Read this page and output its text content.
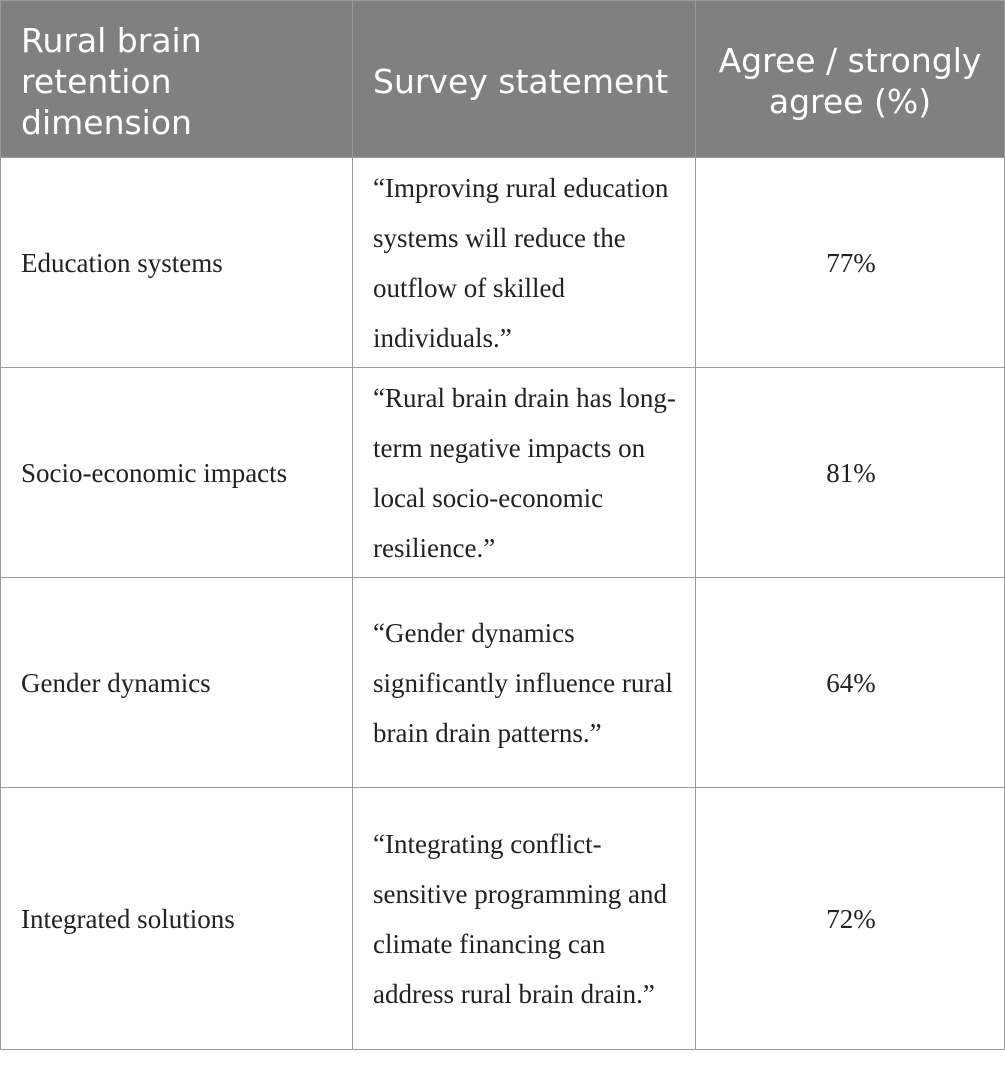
Rural brain retention dimension	Survey statement	Agree / strongly agree (%)
Education systems	“Improving rural education systems will reduce the outflow of skilled individuals.”	77%
Socio-economic impacts	“Rural brain drain has long-term negative impacts on local socio-economic resilience.”	81%
Gender dynamics	“Gender dynamics significantly influence rural brain drain patterns.”	64%
Integrated solutions	“Integrating conflict-sensitive programming and climate financing can address rural brain drain.”	72%
